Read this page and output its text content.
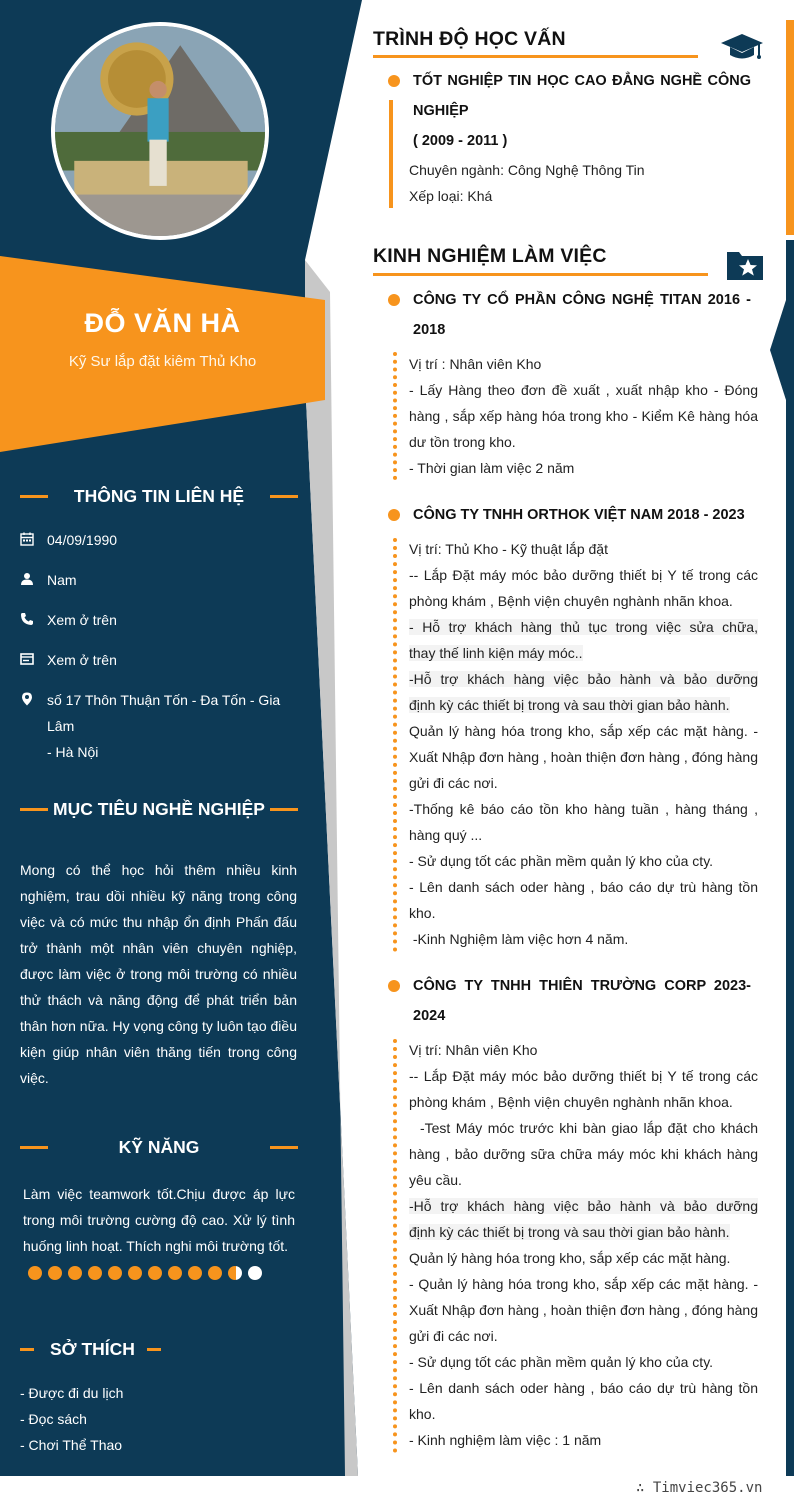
ĐỖ VĂN HÀ
Kỹ Sư lắp đặt kiêm Thủ Kho
THÔNG TIN LIÊN HỆ
04/09/1990
Nam
Xem ở trên
Xem ở trên
số 17 Thôn Thuận Tốn - Đa Tốn - Gia Lâm
- Hà Nội
MỤC TIÊU NGHỀ NGHIỆP
Mong có thể học hỏi thêm nhiều kinh nghiệm, trau dồi nhiều kỹ năng trong công việc và có mức thu nhập ổn định Phấn đấu trở thành một nhân viên chuyên nghiệp, được làm việc ở trong môi trường có nhiều thử thách và năng động để phát triển bản thân hơn nữa. Hy vọng công ty luôn tạo điều kiện giúp nhân viên thăng tiến trong công việc.
KỸ NĂNG
Làm việc teamwork tốt.Chịu được áp lực trong môi trường cường độ cao. Xử lý tình huống linh hoạt. Thích nghi môi trường tốt.
SỞ THÍCH
- Được đi du lịch
- Đọc sách
- Chơi Thể Thao
TRÌNH ĐỘ HỌC VẤN
TỐT NGHIỆP TIN HỌC CAO ĐẲNG NGHỀ CÔNG
NGHIỆP
( 2009 - 2011 )
Chuyên ngành: Công Nghệ Thông Tin
Xếp loại: Khá
KINH NGHIỆM LÀM VIỆC
CÔNG TY CỔ PHẦN CÔNG NGHỆ TITAN 2016 -
2018
Vị trí : Nhân viên Kho
- Lấy Hàng theo đơn đề xuất , xuất nhập kho - Đóng
hàng , sắp xếp hàng hóa trong kho - Kiểm Kê hàng hóa
dư tồn trong kho.
- Thời gian làm việc 2 năm
CÔNG TY TNHH ORTHOK VIỆT NAM 2018 - 2023
Vị trí: Thủ Kho - Kỹ thuật lắp đặt
-- Lắp Đặt máy móc bảo dưỡng thiết bị Y tế trong các
phòng khám , Bệnh viện chuyên nghành nhãn khoa.
- Hỗ trợ khách hàng thủ tục trong việc sửa chữa,
thay thế linh kiện máy móc..
-Hỗ trợ khách hàng việc bảo hành và bảo dưỡng
định kỳ các thiết bị trong và sau thời gian bảo hành.
Quản lý hàng hóa trong kho, sắp xếp các mặt hàng. -
Xuất Nhập đơn hàng , hoàn thiện đơn hàng , đóng hàng
gửi đi các nơi.
-Thống kê báo cáo tồn kho hàng tuần , hàng tháng ,
hàng quý ...
- Sử dụng tốt các phần mềm quản lý kho của cty.
- Lên danh sách oder hàng , báo cáo dự trù hàng tồn
kho.
-Kinh Nghiệm làm việc hơn 4 năm.
CÔNG TY TNHH THIÊN TRƯỜNG CORP 2023-
2024
Vị trí: Nhân viên Kho
-- Lắp Đặt máy móc bảo dưỡng thiết bị Y tế trong các
phòng khám , Bệnh viện chuyên nghành nhãn khoa.
-Test Máy móc trước khi bàn giao lắp đặt cho khách
hàng , bảo dưỡng sữa chữa máy móc khi khách hàng
yêu cầu.
-Hỗ trợ khách hàng việc bảo hành và bảo dưỡng
định kỳ các thiết bị trong và sau thời gian bảo hành.
Quản lý hàng hóa trong kho, sắp xếp các mặt hàng.
- Quản lý hàng hóa trong kho, sắp xếp các mặt hàng. -
Xuất Nhập đơn hàng , hoàn thiện đơn hàng , đóng hàng
gửi đi các nơi.
- Sử dụng tốt các phần mềm quản lý kho của cty.
- Lên danh sách oder hàng , báo cáo dự trù hàng tồn
kho.
- Kinh nghiệm làm việc : 1 năm
∴ Timviec365.vn
